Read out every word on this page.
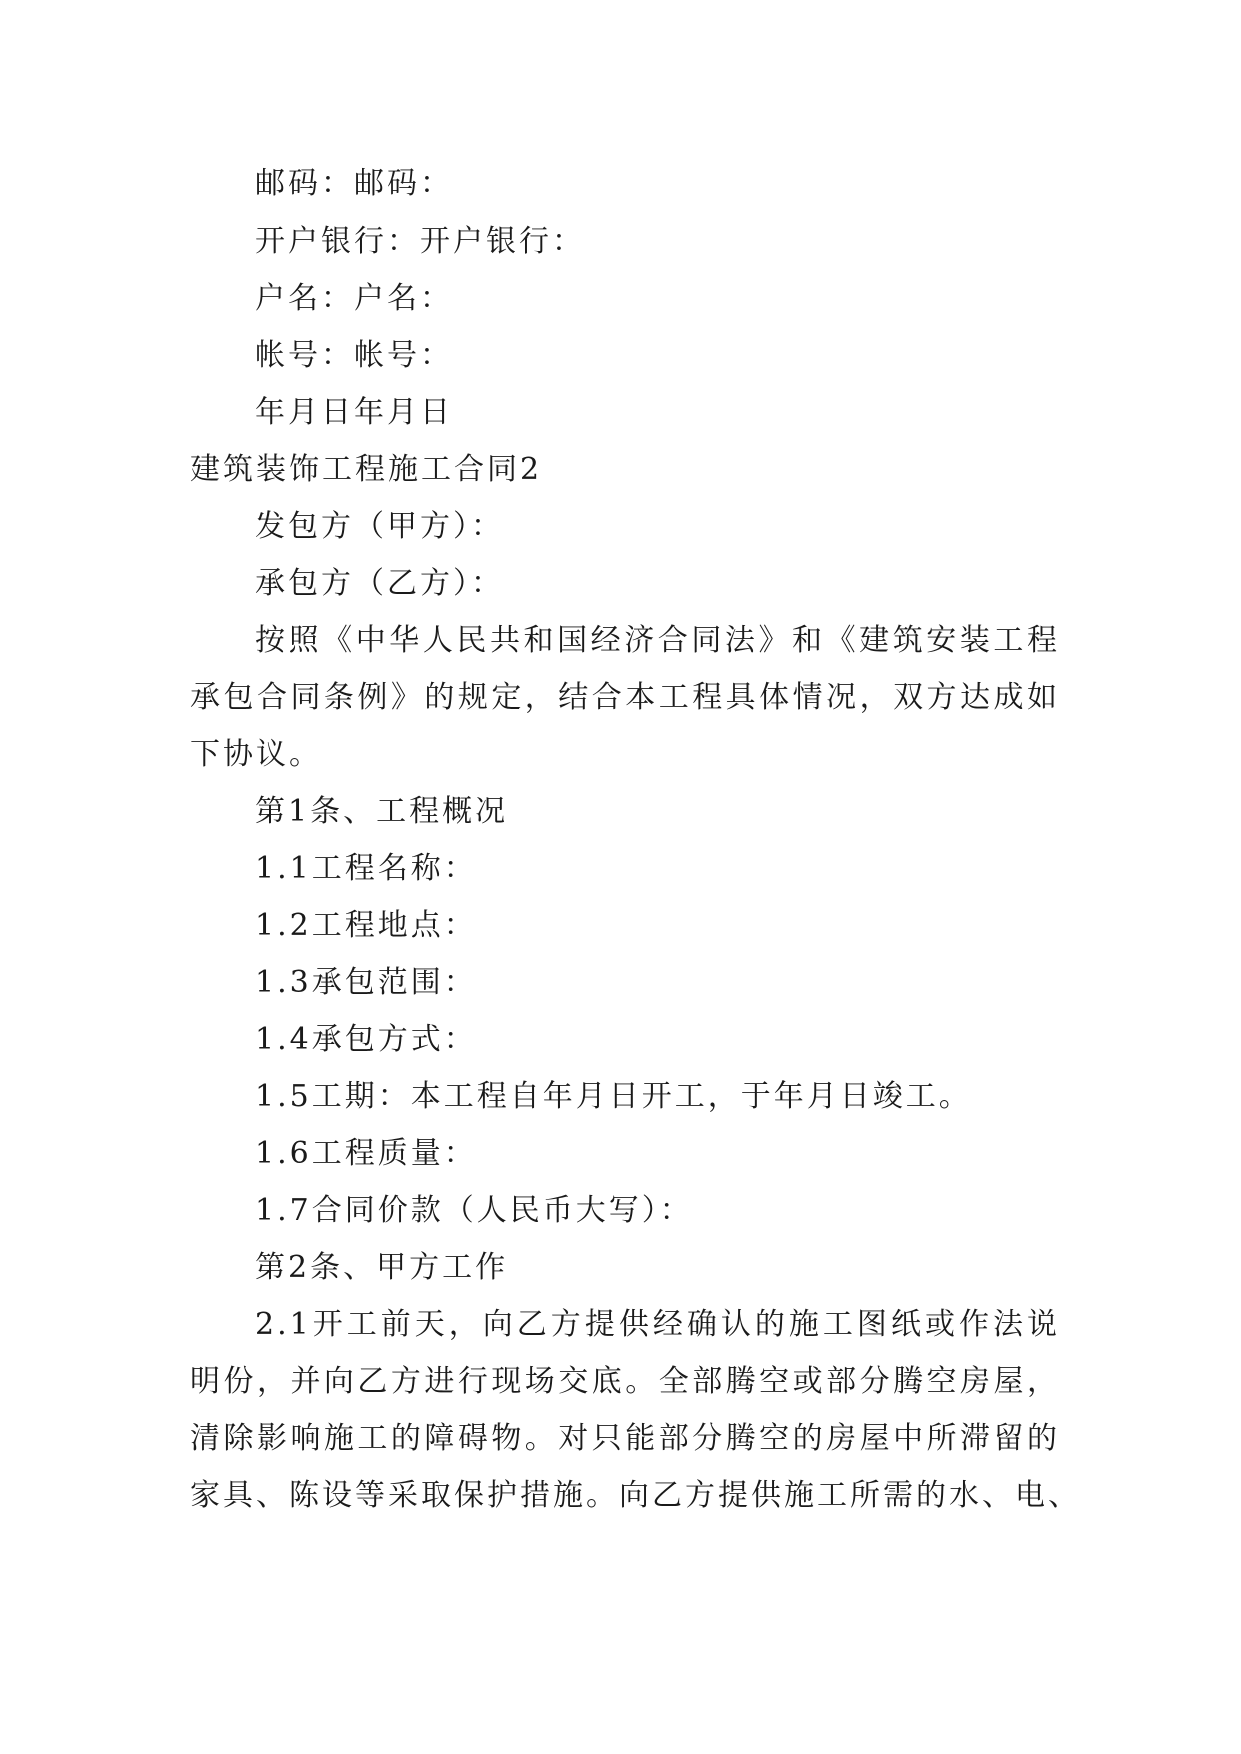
邮码：邮码：
开户银行：开户银行：
户名：户名：
帐号：帐号：
年月日年月日
建筑装饰工程施工合同2
发包方（甲方）：
承包方（乙方）：
按照《中华人民共和国经济合同法》和《建筑安装工程
承包合同条例》的规定，结合本工程具体情况，双方达成如
下协议。
第1条、工程概况
1.1工程名称：
1.2工程地点：
1.3承包范围：
1.4承包方式：
1.5工期：本工程自年月日开工，于年月日竣工。
1.6工程质量：
1.7合同价款（人民币大写）：
第2条、甲方工作
2.1开工前天，向乙方提供经确认的施工图纸或作法说
明份，并向乙方进行现场交底。全部腾空或部分腾空房屋，
清除影响施工的障碍物。对只能部分腾空的房屋中所滞留的
家具、陈设等采取保护措施。向乙方提供施工所需的水、电、
